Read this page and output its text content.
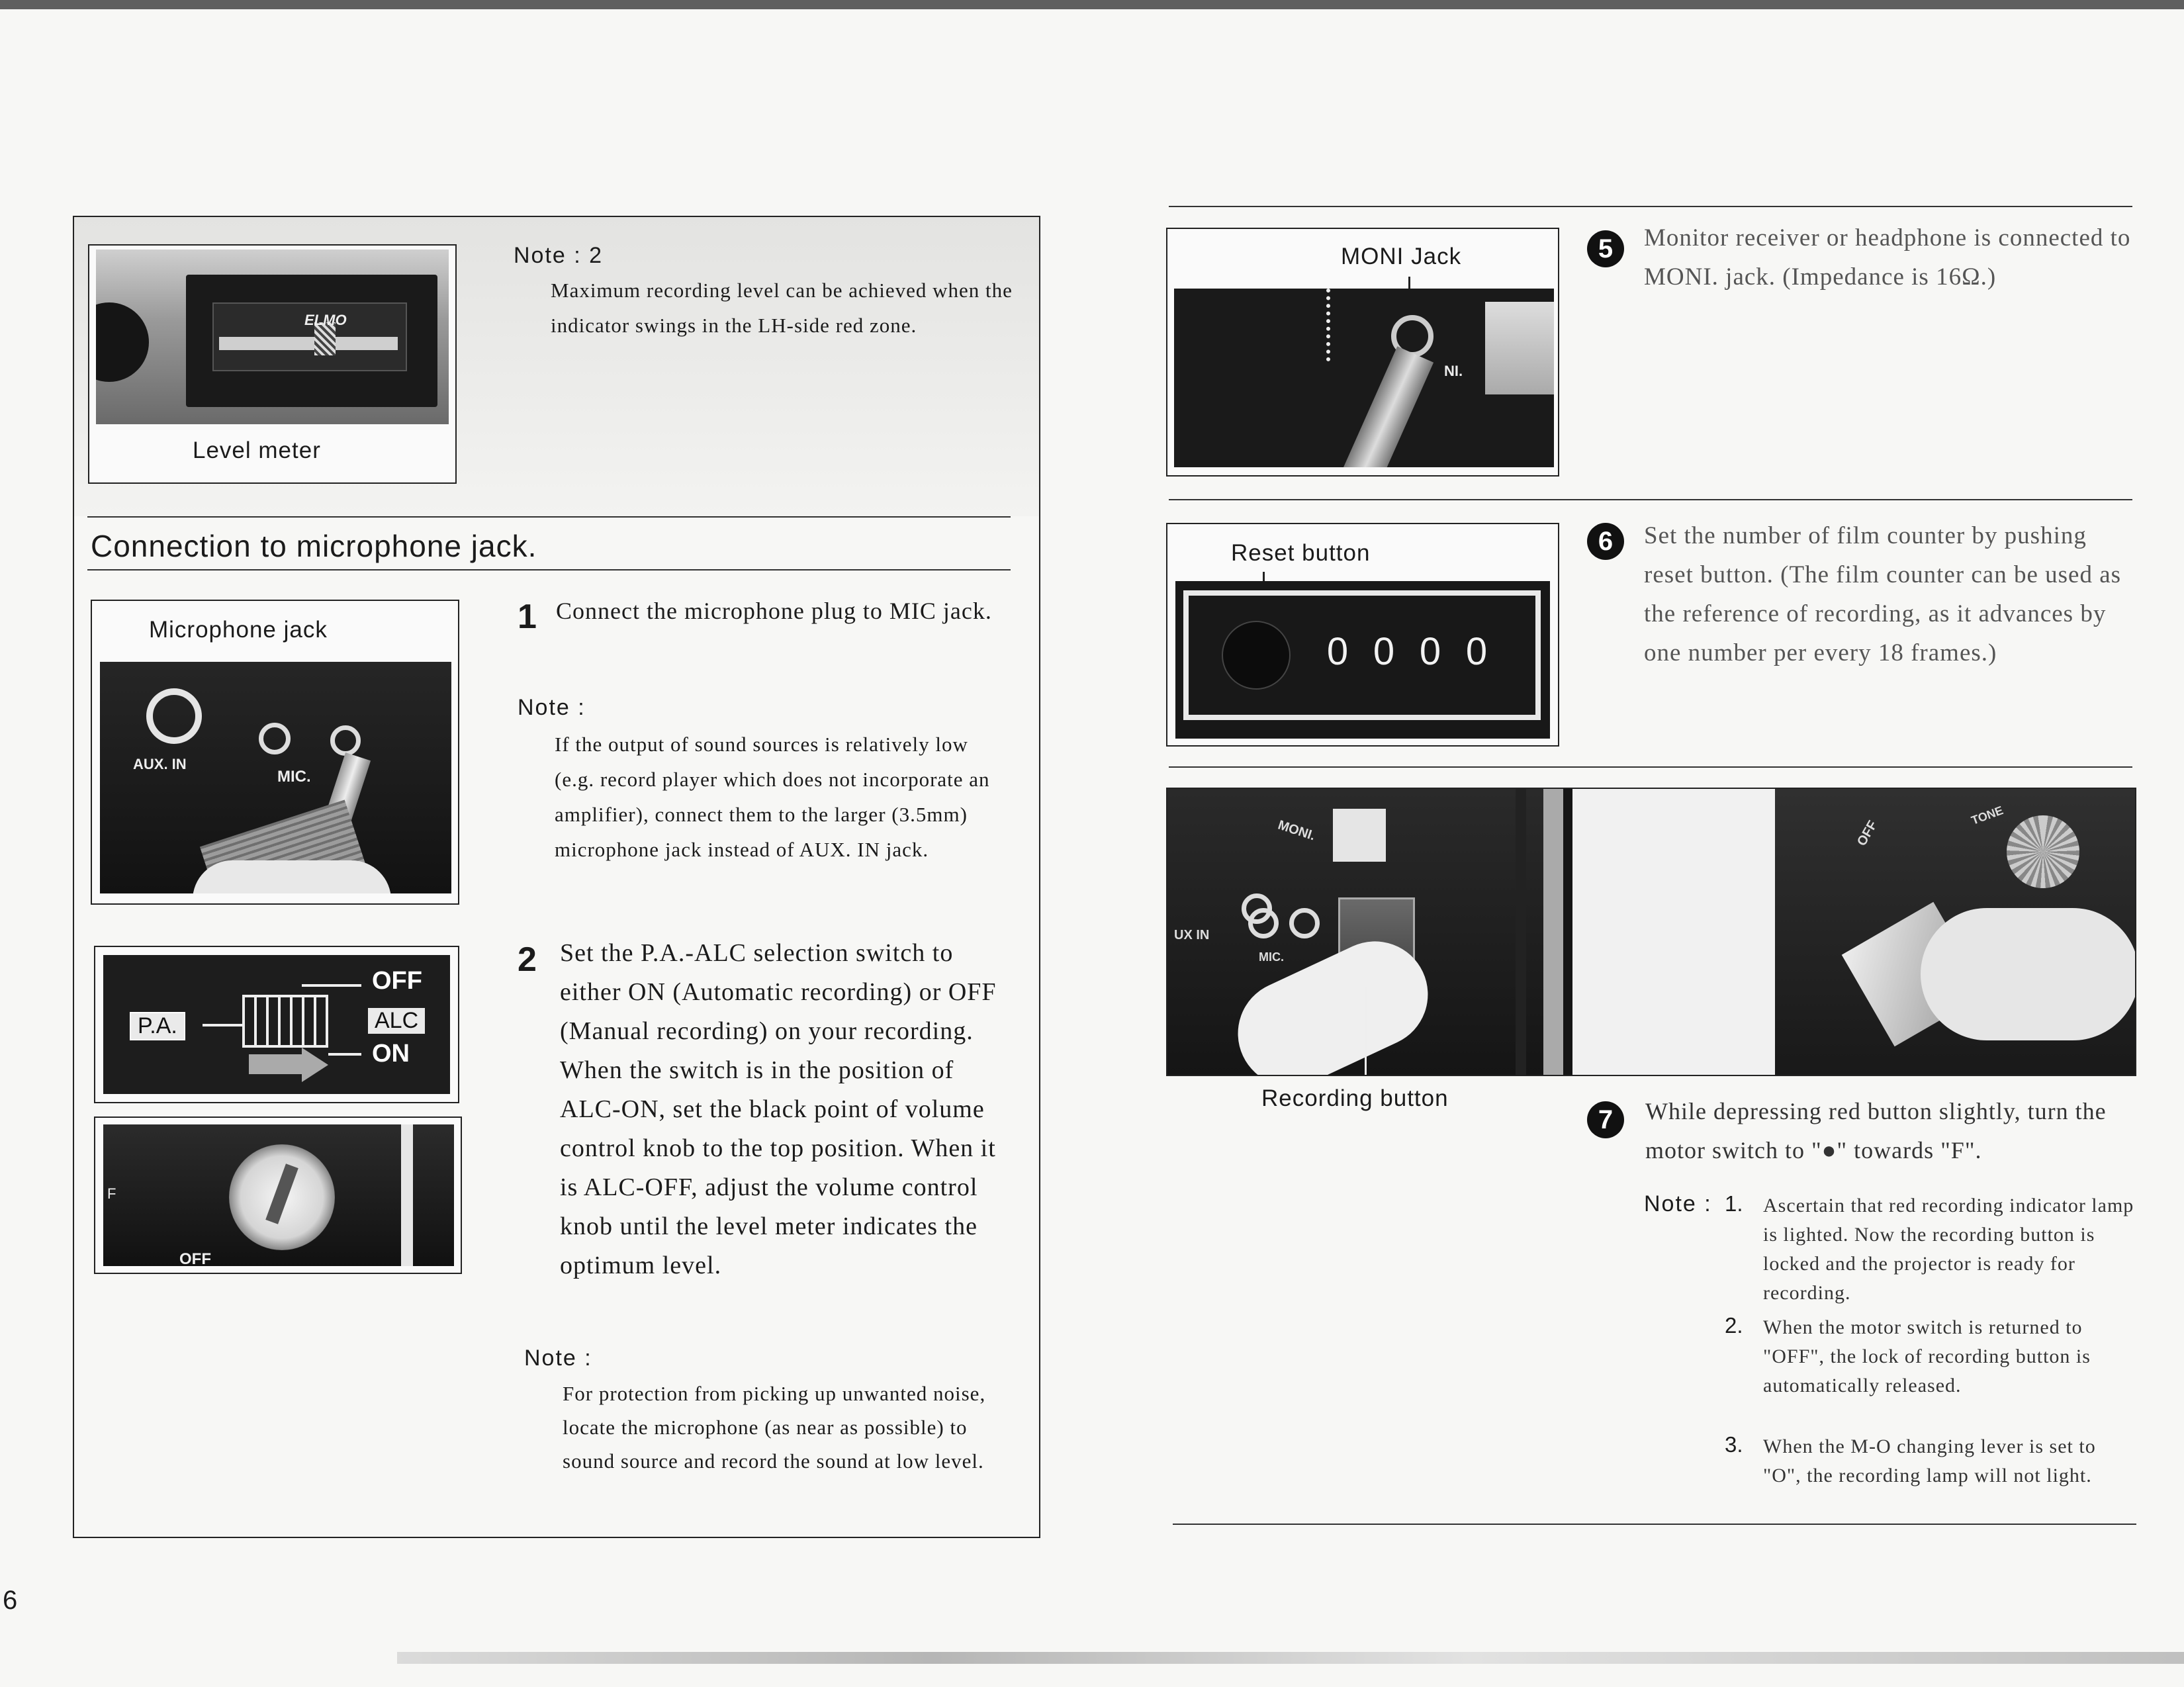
ELMO
Level meter
Note : 2
Maximum recording level can be achieved when the indicator swings in the LH-side red zone.
Connection to microphone jack.
Microphone jack
AUX. IN
MIC.
1 Connect the microphone plug to MIC jack.
Note :
If the output of sound sources is relatively low (e.g. record player which does not incorporate an amplifier), connect them to the larger (3.5mm) microphone jack instead of AUX. IN jack.
P.A.
OFF
ALC
ON
OFF
F
2 Set the P.A.-ALC selection switch to either ON (Automatic recording) or OFF (Manual recording) on your recording. When the switch is in the position of ALC-ON, set the black point of volume control knob to the top position. When it is ALC-OFF, adjust the volume control knob until the level meter indicates the optimum level.
Note :
For protection from picking up unwanted noise, locate the microphone (as near as possible) to sound source and record the sound at low level.
6
MONI Jack
NI.
5	Monitor receiver or headphone is connected to MONI. jack. (Impedance is 16Ω.)
Reset button
0 0 0 0
6	Set the number of film counter by pushing reset button. (The film counter can be used as the reference of recording, as it advances by one number per every 18 frames.)
MONI.
UX IN
MIC.
OFF
TONE
Recording button
7	While depressing red button slightly, turn the motor switch to "●" towards "F".
Note : 1. Ascertain that red recording indicator lamp is lighted. Now the recording button is locked and the projector is ready for recording.
2. When the motor switch is returned to "OFF", the lock of recording button is automatically released.
3. When the M-O changing lever is set to "O", the recording lamp will not light.
